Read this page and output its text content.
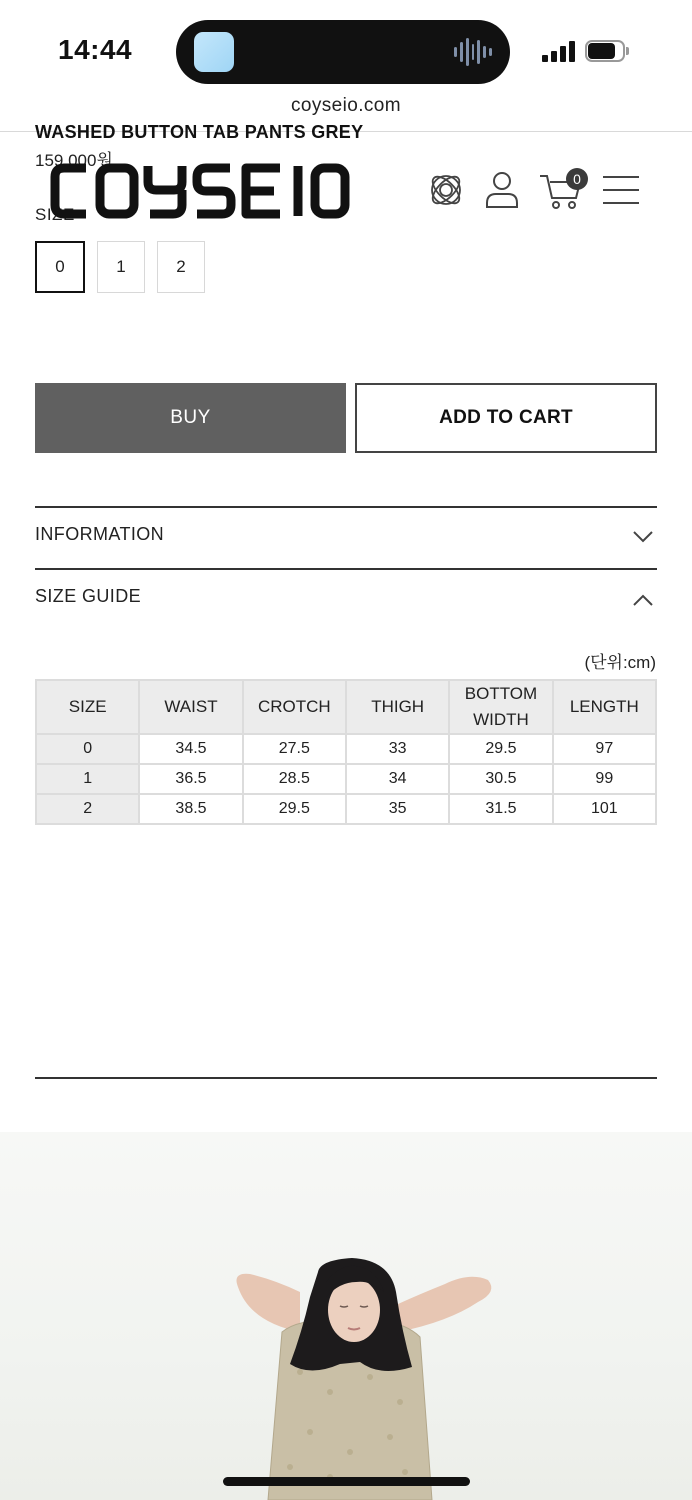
14:44
coyseio.com
WASHED BUTTON TAB PANTS GREY
159,000원
SIZE
0
0	1	2
BUY	ADD TO CART
INFORMATION
SIZE GUIDE
(단위:cm)
SIZE	WAIST	CROTCH	THIGH	BOTTOM WIDTH	LENGTH
0	34.5	27.5	33	29.5	97
1	36.5	28.5	34	30.5	99
2	38.5	29.5	35	31.5	101
